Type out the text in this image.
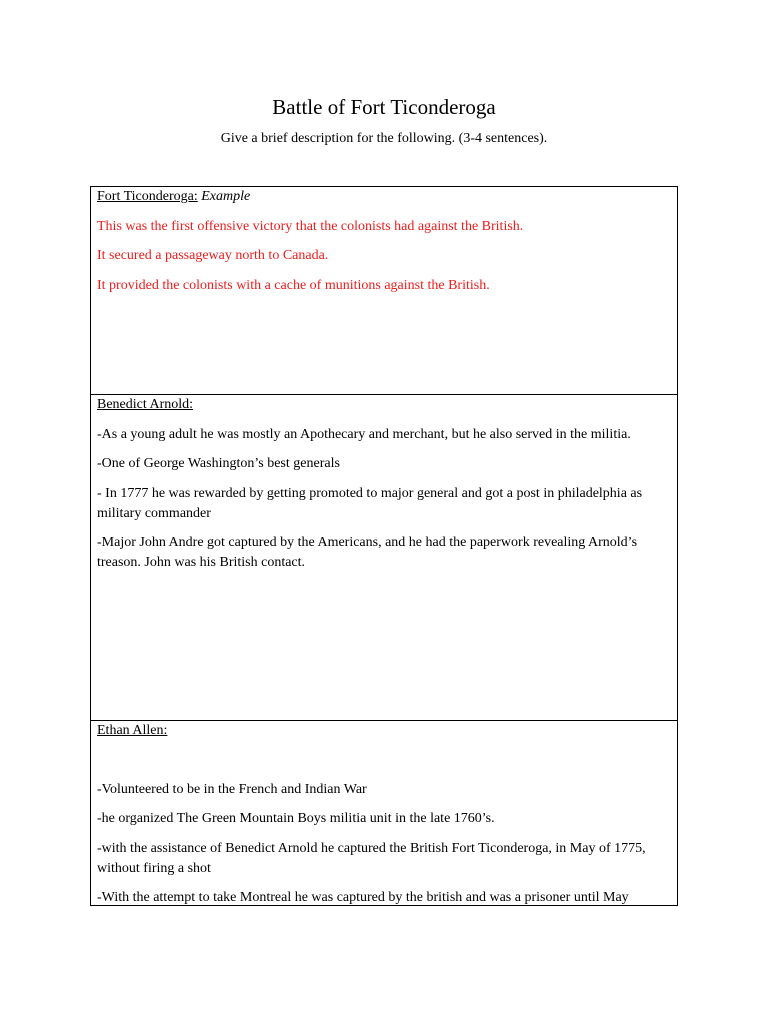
Battle of Fort Ticonderoga
Give a brief description for the following. (3-4 sentences).

Fort Ticonderoga: Example

This was the first offensive victory that the colonists had against the British.

It secured a passageway north to Canada.

It provided the colonists with a cache of munitions against the British.

Benedict Arnold:

-As a young adult he was mostly an Apothecary and merchant, but he also served in the militia.

-One of George Washington’s best generals

- In 1777 he was rewarded by getting promoted to major general and got a post in philadelphia as military commander

-Major John Andre got captured by the Americans, and he had the paperwork revealing Arnold’s treason. John was his British contact.

Ethan Allen:

-Volunteered to be in the French and Indian War

-he organized The Green Mountain Boys militia unit in the late 1760’s.

-with the assistance of Benedict Arnold he captured the British Fort Ticonderoga, in May of 1775, without firing a shot

-With the attempt to take Montreal he was captured by the british and was a prisoner until May
